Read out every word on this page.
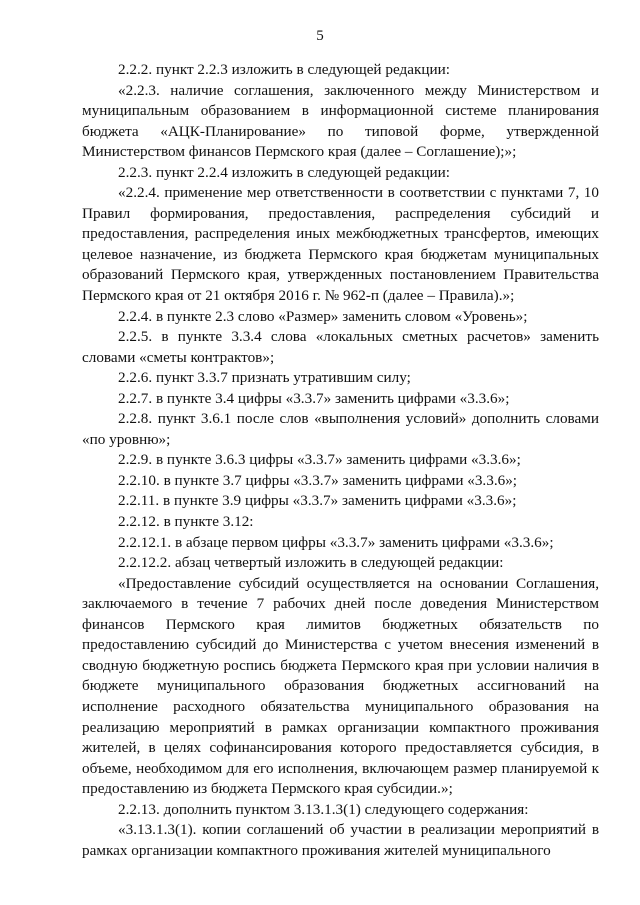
5

2.2.2. пункт 2.2.3 изложить в следующей редакции:

«2.2.3. наличие соглашения, заключенного между Министерством и муниципальным образованием в информационной системе планирования бюджета «АЦК-Планирование» по типовой форме, утвержденной Министерством финансов Пермского края (далее – Соглашение);»;

2.2.3. пункт 2.2.4 изложить в следующей редакции:

«2.2.4. применение мер ответственности в соответствии с пунктами 7, 10 Правил формирования, предоставления, распределения субсидий и предоставления, распределения иных межбюджетных трансфертов, имеющих целевое назначение, из бюджета Пермского края бюджетам муниципальных образований Пермского края, утвержденных постановлением Правительства Пермского края от 21 октября 2016 г. № 962-п (далее – Правила).»;

2.2.4. в пункте 2.3 слово «Размер» заменить словом «Уровень»;

2.2.5. в пункте 3.3.4 слова «локальных сметных расчетов» заменить словами «сметы контрактов»;

2.2.6. пункт 3.3.7 признать утратившим силу;

2.2.7. в пункте 3.4 цифры «3.3.7» заменить цифрами «3.3.6»;

2.2.8. пункт 3.6.1 после слов «выполнения условий» дополнить словами «по уровню»;

2.2.9. в пункте 3.6.3 цифры «3.3.7» заменить цифрами «3.3.6»;

2.2.10. в пункте 3.7 цифры «3.3.7» заменить цифрами «3.3.6»;

2.2.11. в пункте 3.9 цифры «3.3.7» заменить цифрами «3.3.6»;

2.2.12. в пункте 3.12:

2.2.12.1. в абзаце первом цифры «3.3.7» заменить цифрами «3.3.6»;

2.2.12.2. абзац четвертый изложить в следующей редакции:

«Предоставление субсидий осуществляется на основании Соглашения, заключаемого в течение 7 рабочих дней после доведения Министерством финансов Пермского края лимитов бюджетных обязательств по предоставлению субсидий до Министерства с учетом внесения изменений в сводную бюджетную роспись бюджета Пермского края при условии наличия в бюджете муниципального образования бюджетных ассигнований на исполнение расходного обязательства муниципального образования на реализацию мероприятий в рамках организации компактного проживания жителей, в целях софинансирования которого предоставляется субсидия, в объеме, необходимом для его исполнения, включающем размер планируемой к предоставлению из бюджета Пермского края субсидии.»;

2.2.13. дополнить пунктом 3.13.1.3(1) следующего содержания:

«3.13.1.3(1). копии соглашений об участии в реализации мероприятий в рамках организации компактного проживания жителей муниципального
